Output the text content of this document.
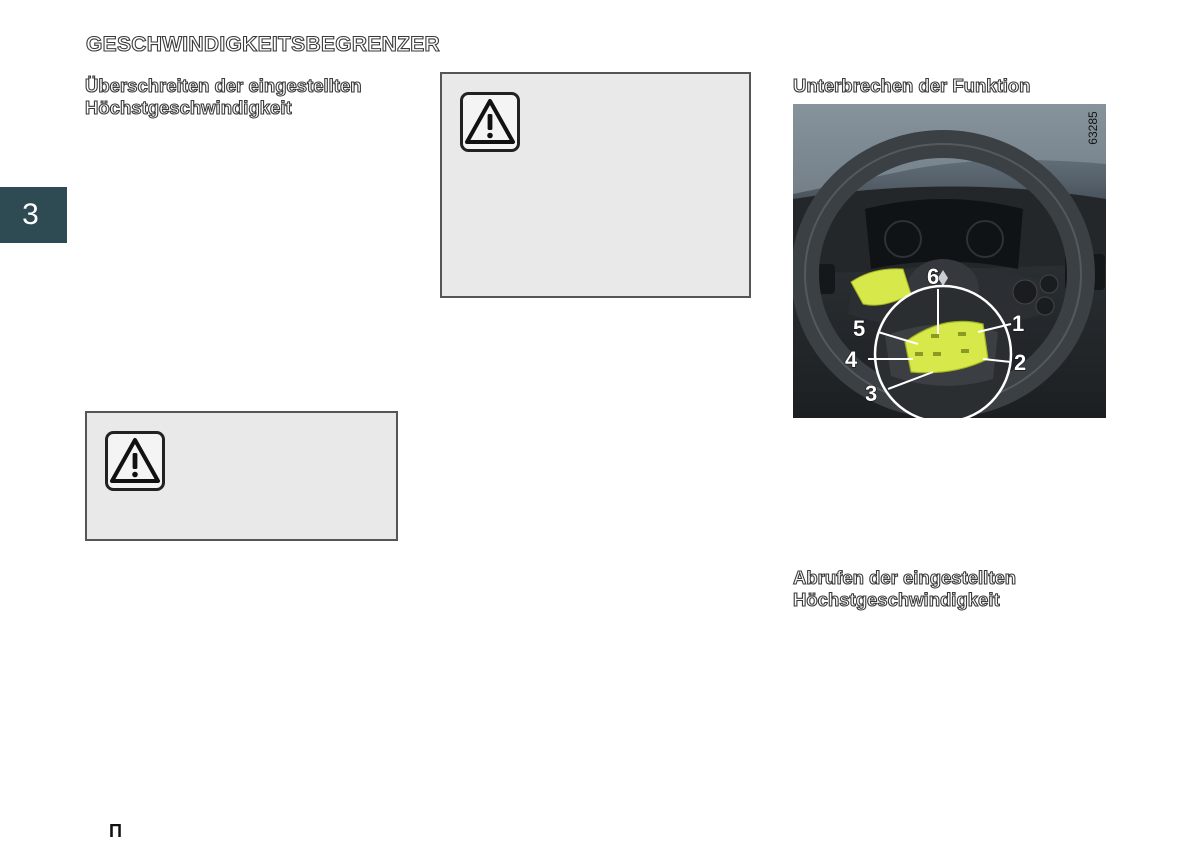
GESCHWINDIGKEITSBEGRENZER
3
Überschreiten der eingestellten
Höchstgeschwindigkeit
Unterbrechen der Funktion
6
5
4
3
1
2
63285
Abrufen der eingestellten
Höchstgeschwindigkeit
Π
